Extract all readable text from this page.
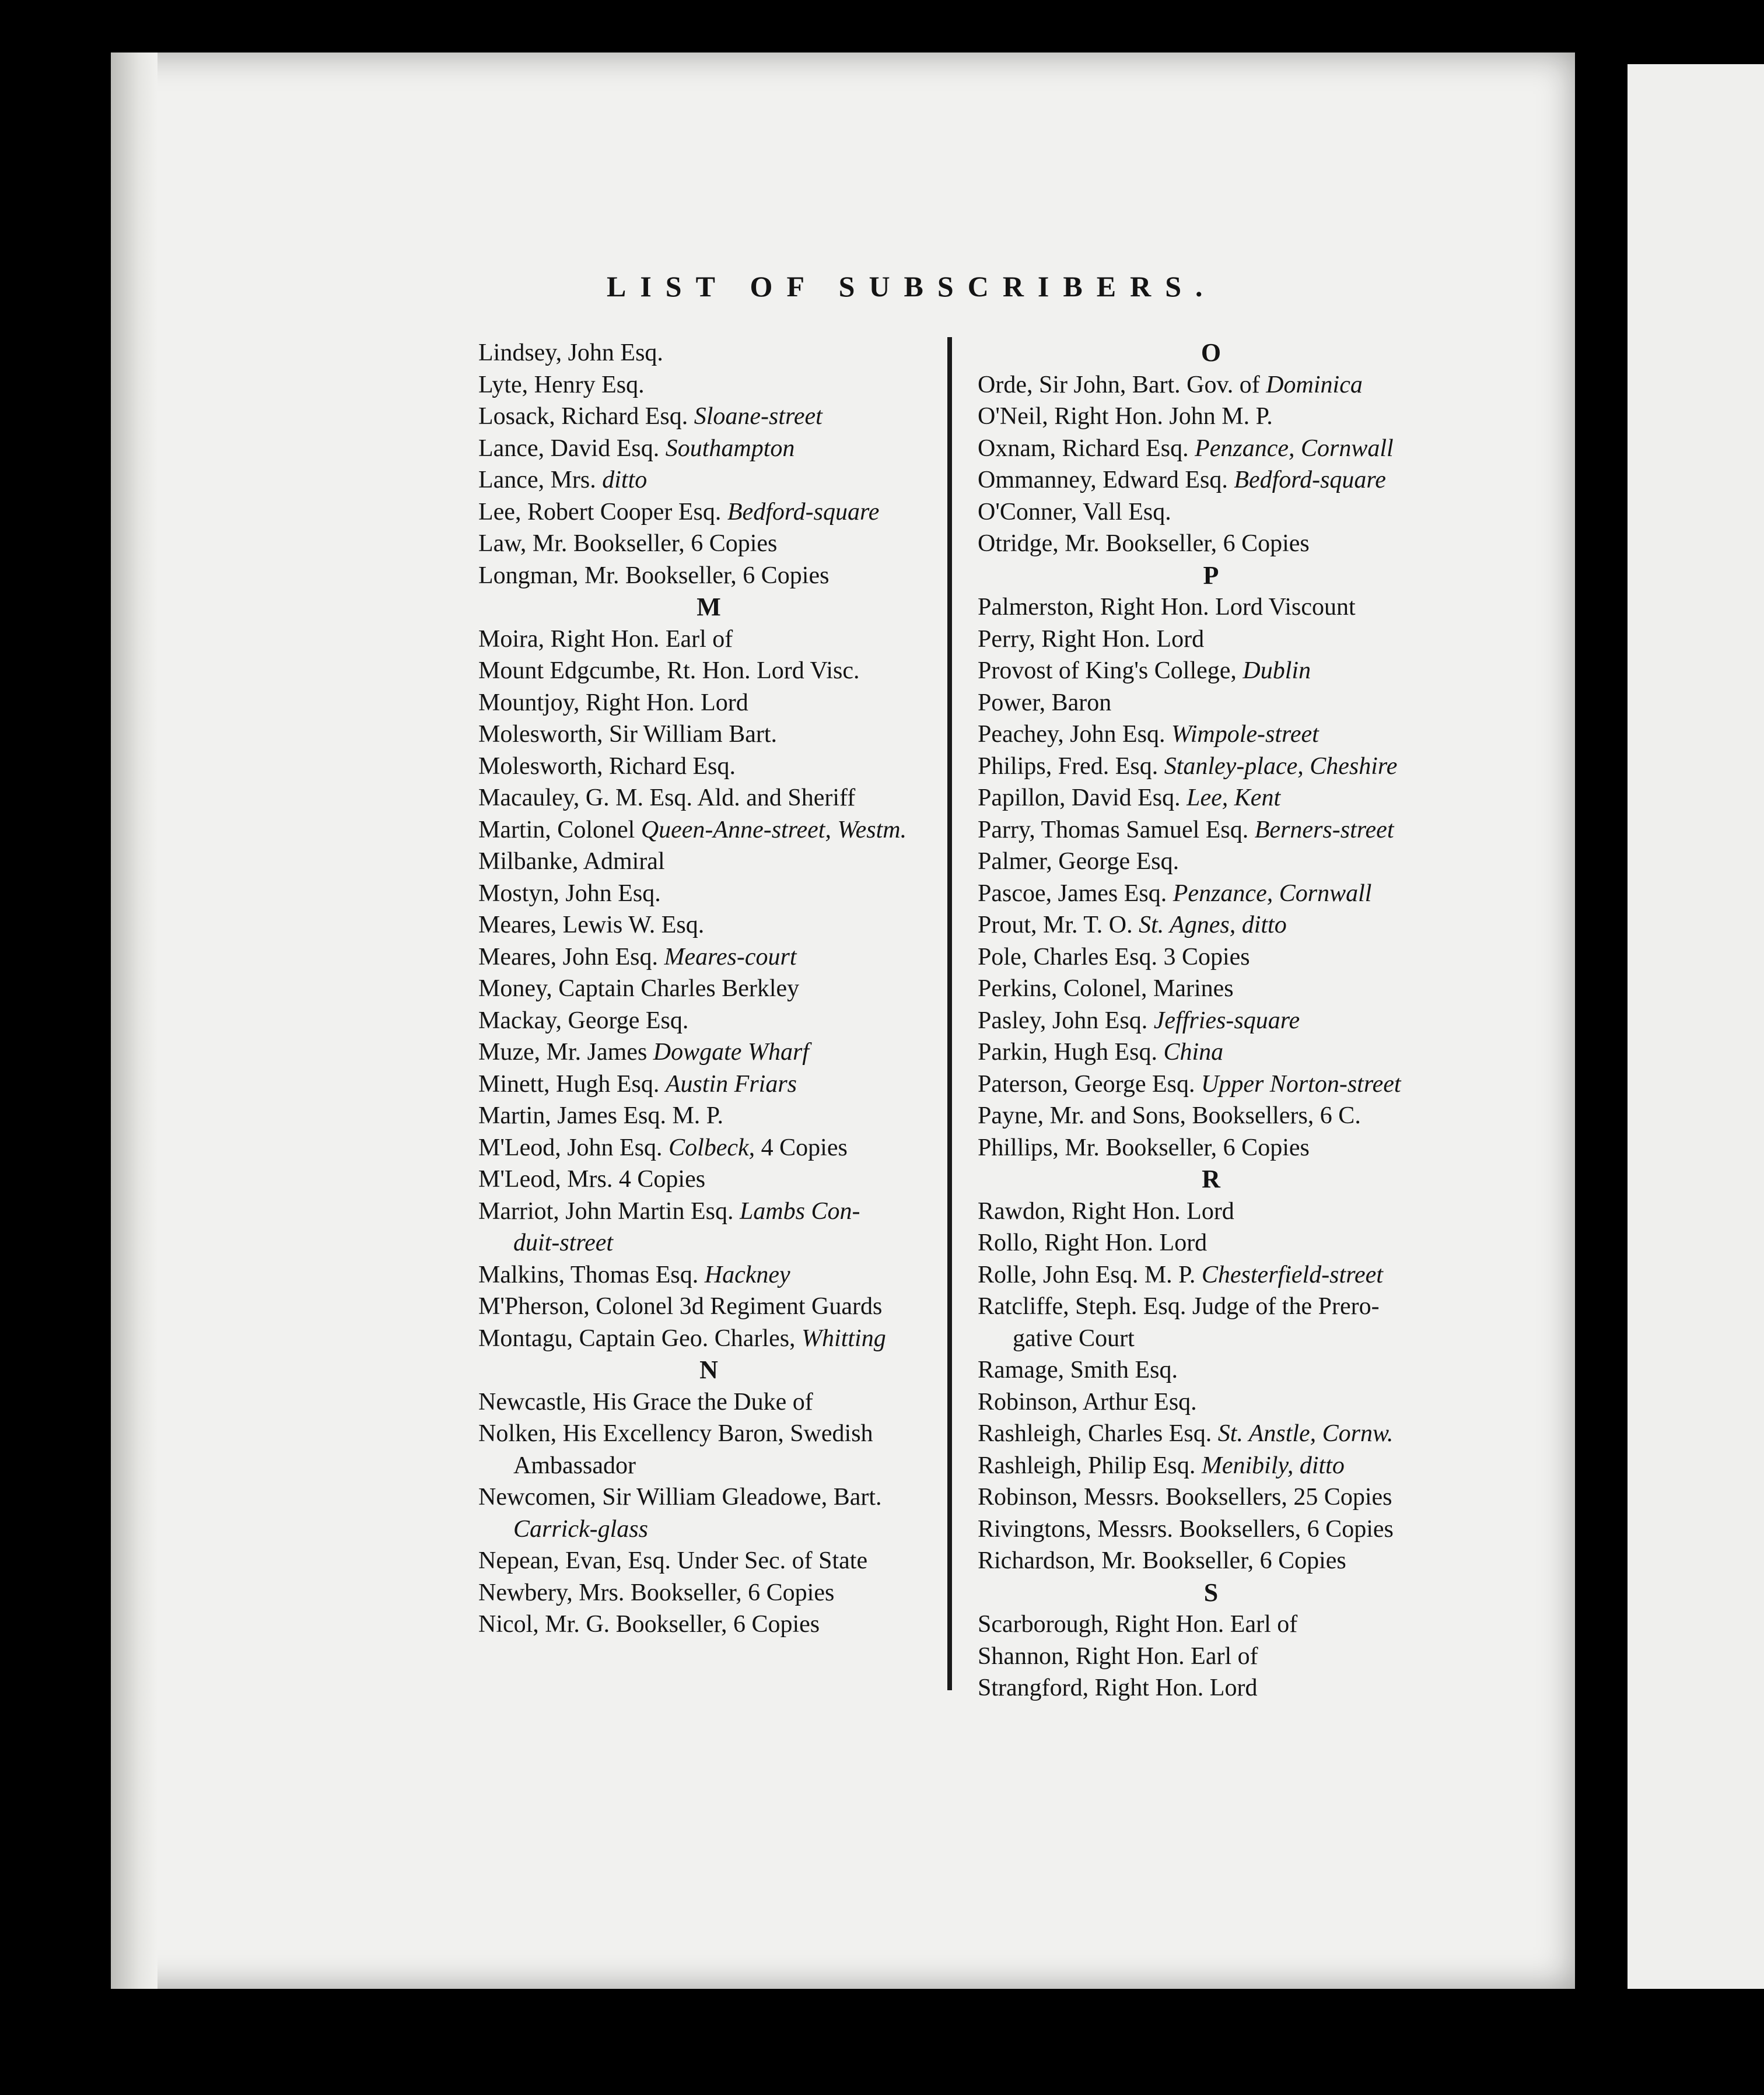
LIST OF SUBSCRIBERS.
Lindsey, John Esq.
Lyte, Henry Esq.
Losack, Richard Esq. Sloane-street
Lance, David Esq. Southampton
Lance, Mrs. ditto
Lee, Robert Cooper Esq. Bedford-square
Law, Mr. Bookseller, 6 Copies
Longman, Mr. Bookseller, 6 Copies
M
Moira, Right Hon. Earl of
Mount Edgcumbe, Rt. Hon. Lord Visc.
Mountjoy, Right Hon. Lord
Molesworth, Sir William Bart.
Molesworth, Richard Esq.
Macauley, G. M. Esq. Ald. and Sheriff
Martin, Colonel Queen-Anne-street, Westm.
Milbanke, Admiral
Mostyn, John Esq.
Meares, Lewis W. Esq.
Meares, John Esq. Meares-court
Money, Captain Charles Berkley
Mackay, George Esq.
Muze, Mr. James Dowgate Wharf
Minett, Hugh Esq. Austin Friars
Martin, James Esq. M. P.
M'Leod, John Esq. Colbeck, 4 Copies
M'Leod, Mrs. 4 Copies
Marriot, John Martin Esq. Lambs Con-
duit-street
Malkins, Thomas Esq. Hackney
M'Pherson, Colonel 3d Regiment Guards
Montagu, Captain Geo. Charles, Whitting
N
Newcastle, His Grace the Duke of
Nolken, His Excellency Baron, Swedish
Ambassador
Newcomen, Sir William Gleadowe, Bart.
Carrick-glass
Nepean, Evan, Esq. Under Sec. of State
Newbery, Mrs. Bookseller, 6 Copies
Nicol, Mr. G. Bookseller, 6 Copies
O
Orde, Sir John, Bart. Gov. of Dominica
O'Neil, Right Hon. John M. P.
Oxnam, Richard Esq. Penzance, Cornwall
Ommanney, Edward Esq. Bedford-square
O'Conner, Vall Esq.
Otridge, Mr. Bookseller, 6 Copies
P
Palmerston, Right Hon. Lord Viscount
Perry, Right Hon. Lord
Provost of King's College, Dublin
Power, Baron
Peachey, John Esq. Wimpole-street
Philips, Fred. Esq. Stanley-place, Cheshire
Papillon, David Esq. Lee, Kent
Parry, Thomas Samuel Esq. Berners-street
Palmer, George Esq.
Pascoe, James Esq. Penzance, Cornwall
Prout, Mr. T. O. St. Agnes, ditto
Pole, Charles Esq. 3 Copies
Perkins, Colonel, Marines
Pasley, John Esq. Jeffries-square
Parkin, Hugh Esq. China
Paterson, George Esq. Upper Norton-street
Payne, Mr. and Sons, Booksellers, 6 C.
Phillips, Mr. Bookseller, 6 Copies
R
Rawdon, Right Hon. Lord
Rollo, Right Hon. Lord
Rolle, John Esq. M. P. Chesterfield-street
Ratcliffe, Steph. Esq. Judge of the Prero-
gative Court
Ramage, Smith Esq.
Robinson, Arthur Esq.
Rashleigh, Charles Esq. St. Anstle, Cornw.
Rashleigh, Philip Esq. Menibily, ditto
Robinson, Messrs. Booksellers, 25 Copies
Rivingtons, Messrs. Booksellers, 6 Copies
Richardson, Mr. Bookseller, 6 Copies
S
Scarborough, Right Hon. Earl of
Shannon, Right Hon. Earl of
Strangford, Right Hon. Lord
